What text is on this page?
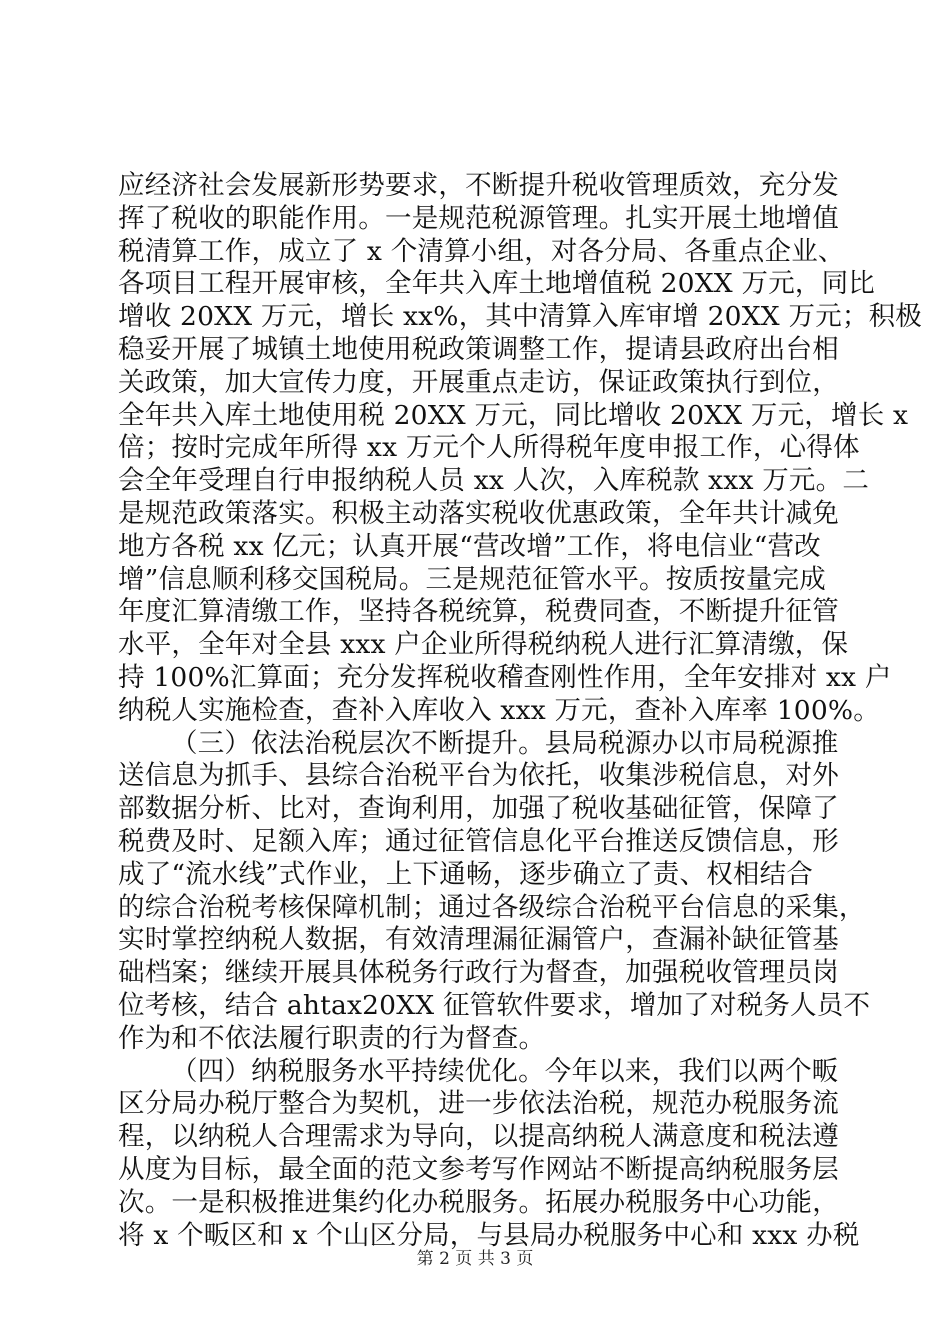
应经济社会发展新形势要求，不断提升税收管理质效，充分发
挥了税收的职能作用。一是规范税源管理。扎实开展土地增值
税清算工作，成立了 x 个清算小组，对各分局、各重点企业、
各项目工程开展审核，全年共入库土地增值税 20XX 万元，同比
增收 20XX 万元，增长 xx%，其中清算入库审增 20XX 万元；积极
稳妥开展了城镇土地使用税政策调整工作，提请县政府出台相
关政策，加大宣传力度，开展重点走访，保证政策执行到位，
全年共入库土地使用税 20XX 万元，同比增收 20XX 万元，增长 x
倍；按时完成年所得 xx 万元个人所得税年度申报工作，心得体
会全年受理自行申报纳税人员 xx 人次，入库税款 xxx 万元。二
是规范政策落实。积极主动落实税收优惠政策，全年共计减免
地方各税 xx 亿元；认真开展“营改增”工作，将电信业“营改
增”信息顺利移交国税局。三是规范征管水平。按质按量完成
年度汇算清缴工作，坚持各税统算，税费同查，不断提升征管
水平，全年对全县 xxx 户企业所得税纳税人进行汇算清缴，保
持 100%汇算面；充分发挥税收稽查刚性作用，全年安排对 xx 户
纳税人实施检查，查补入库收入 xxx 万元，查补入库率 100%。
（三）依法治税层次不断提升。县局税源办以市局税源推
送信息为抓手、县综合治税平台为依托，收集涉税信息，对外
部数据分析、比对，查询利用，加强了税收基础征管，保障了
税费及时、足额入库；通过征管信息化平台推送反馈信息，形
成了“流水线”式作业，上下通畅，逐步确立了责、权相结合
的综合治税考核保障机制；通过各级综合治税平台信息的采集，
实时掌控纳税人数据，有效清理漏征漏管户，查漏补缺征管基
础档案；继续开展具体税务行政行为督查，加强税收管理员岗
位考核，结合 ahtax20XX 征管软件要求，增加了对税务人员不
作为和不依法履行职责的行为督查。
（四）纳税服务水平持续优化。今年以来，我们以两个畈
区分局办税厅整合为契机，进一步依法治税，规范办税服务流
程，以纳税人合理需求为导向，以提高纳税人满意度和税法遵
从度为目标，最全面的范文参考写作网站不断提高纳税服务层
次。一是积极推进集约化办税服务。拓展办税服务中心功能，
将 x 个畈区和 x 个山区分局，与县局办税服务中心和 xxx 办税
第 2 页 共 3 页
